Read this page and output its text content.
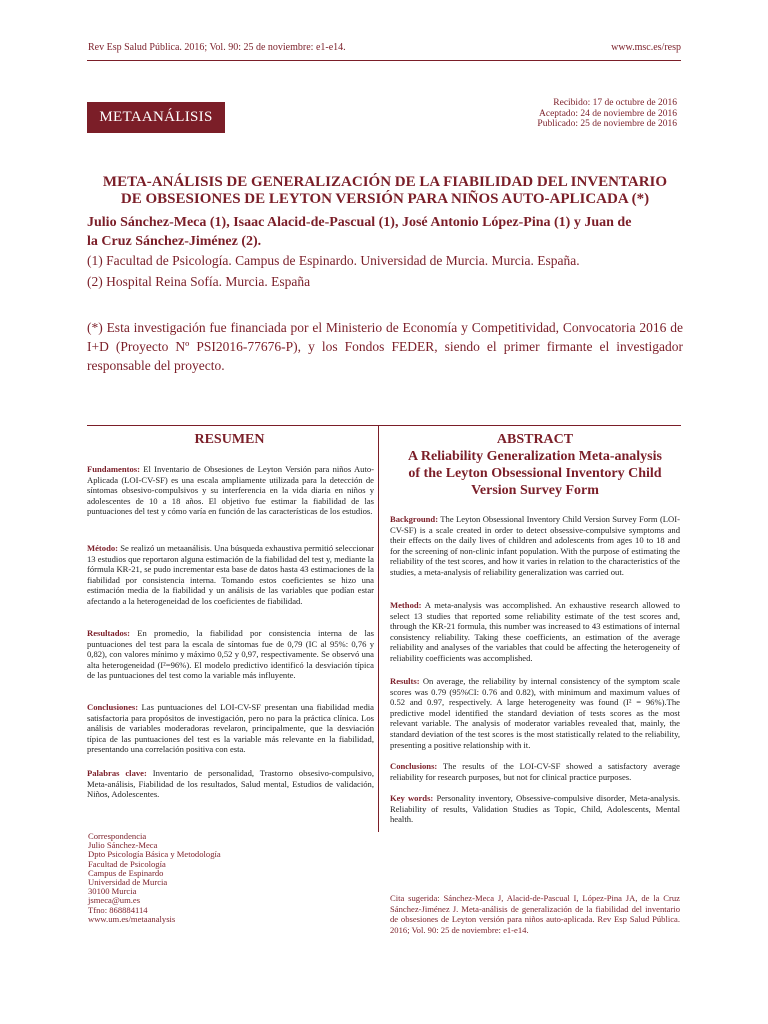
Rev Esp Salud Pública. 2016; Vol. 90: 25 de noviembre: e1-e14.	www.msc.es/resp
METAANÁLISIS
Recibido: 17 de octubre de 2016
Aceptado: 24 de noviembre de 2016
Publicado: 25 de noviembre de 2016
META-ANÁLISIS DE GENERALIZACIÓN DE LA FIABILIDAD DEL INVENTARIO
DE OBSESIONES DE LEYTON VERSIÓN PARA NIÑOS AUTO-APLICADA (*)
Julio Sánchez-Meca (1), Isaac Alacid-de-Pascual (1), José Antonio López-Pina (1) y Juan de
la Cruz Sánchez-Jiménez (2).
(1) Facultad de Psicología. Campus de Espinardo. Universidad de Murcia. Murcia. España.
(2) Hospital Reina Sofía. Murcia. España
(*) Esta investigación fue financiada por el Ministerio de Economía y Competitividad, Convocatoria 2016 de I+D (Proyecto Nº PSI2016-77676-P), y los Fondos FEDER, siendo el primer firmante el investigador responsable del proyecto.
RESUMEN
Fundamentos: El Inventario de Obsesiones de Leyton Versión para niños Auto-Aplicada (LOI-CV-SF) es una escala ampliamente utilizada para la detección de síntomas obsesivo-compulsivos y su interferencia en la vida diaria en niños y adolescentes de 10 a 18 años. El objetivo fue estimar la fiabilidad de las puntuaciones del test y cómo varía en función de las características de los estudios.
Método: Se realizó un metaanálisis. Una búsqueda exhaustiva permitió seleccionar 13 estudios que reportaron alguna estimación de la fiabilidad del test y, mediante la fórmula KR-21, se pudo incrementar esta base de datos hasta 43 estimaciones de la fiabilidad por consistencia interna. Tomando estos coeficientes se hizo una estimación media de la fiabilidad y un análisis de las variables que podían estar afectando a la heterogeneidad de los coeficientes de fiabilidad.
Resultados: En promedio, la fiabilidad por consistencia interna de las puntuaciones del test para la escala de síntomas fue de 0,79 (IC al 95%: 0,76 y 0,82), con valores mínimo y máximo 0,52 y 0,97, respectivamente. Se observó una alta heterogeneidad (I²=96%). El modelo predictivo identificó la desviación típica de las puntuaciones del test como la variable más influyente.
Conclusiones: Las puntuaciones del LOI-CV-SF presentan una fiabilidad media satisfactoria para propósitos de investigación, pero no para la práctica clínica. Los análisis de variables moderadoras revelaron, principalmente, que la desviación típica de las puntuaciones del test es la variable más relevante en la fiabilidad, presentando una correlación positiva con esta.
Palabras clave: Inventario de personalidad, Trastorno obsesivo-compulsivo, Meta-análisis, Fiabilidad de los resultados, Salud mental, Estudios de validación, Niños, Adolescentes.
ABSTRACT
A Reliability Generalization Meta-analysis
of the Leyton Obsessional Inventory Child
Version Survey Form
Background: The Leyton Obsessional Inventory Child Version Survey Form (LOI-CV-SF) is a scale created in order to detect obsessive-compulsive symptoms and their effects on the daily lives of children and adolescents from ages 10 to 18 and for the screening of non-clinic infant population. With the purpose of estimating the reliability of the test scores, and how it varies in relation to the characteristics of the studies, a meta-analysis of reliability generalization was carried out.
Method: A meta-analysis was accomplished. An exhaustive research allowed to select 13 studies that reported some reliability estimate of the test scores and, through the KR-21 formula, this number was increased to 43 estimations of internal consistency reliability. Taking these coefficients, an estimation of the average reliability and analyses of the variables that could be affecting the heterogeneity of reliability coefficients was accomplished.
Results: On average, the reliability by internal consistency of the symptom scale scores was 0.79 (95%CI: 0.76 and 0.82), with minimum and maximum values of 0.52 and 0.97, respectively. A large heterogeneity was found (I² = 96%).The predictive model identified the standard deviation of tests scores as the most relevant variable. The analysis of moderator variables revealed that, mainly, the standard deviation of the test scores is the most statistically related to the reliability, presenting a positive relationship with it.
Conclusions: The results of the LOI-CV-SF showed a satisfactory average reliability for research purposes, but not for clinical practice purposes.
Key words: Personality inventory, Obsessive-compulsive disorder, Meta-analysis. Reliability of results, Validation Studies as Topic, Child, Adolescents, Mental health.
Correspondencia
Julio Sánchez-Meca
Dpto Psicología Básica y Metodología
Facultad de Psicología
Campus de Espinardo
Universidad de Murcia
30100 Murcia
jsmeca@um.es
Tfno: 868884114
www.um.es/metaanalysis
Cita sugerida: Sánchez-Meca J, Alacid-de-Pascual I, López-Pina JA, de la Cruz Sánchez-Jiménez J. Meta-análisis de generalización de la fiabilidad del inventario de obsesiones de Leyton versión para niños auto-aplicada. Rev Esp Salud Pública. 2016; Vol. 90: 25 de noviembre: e1-e14.
